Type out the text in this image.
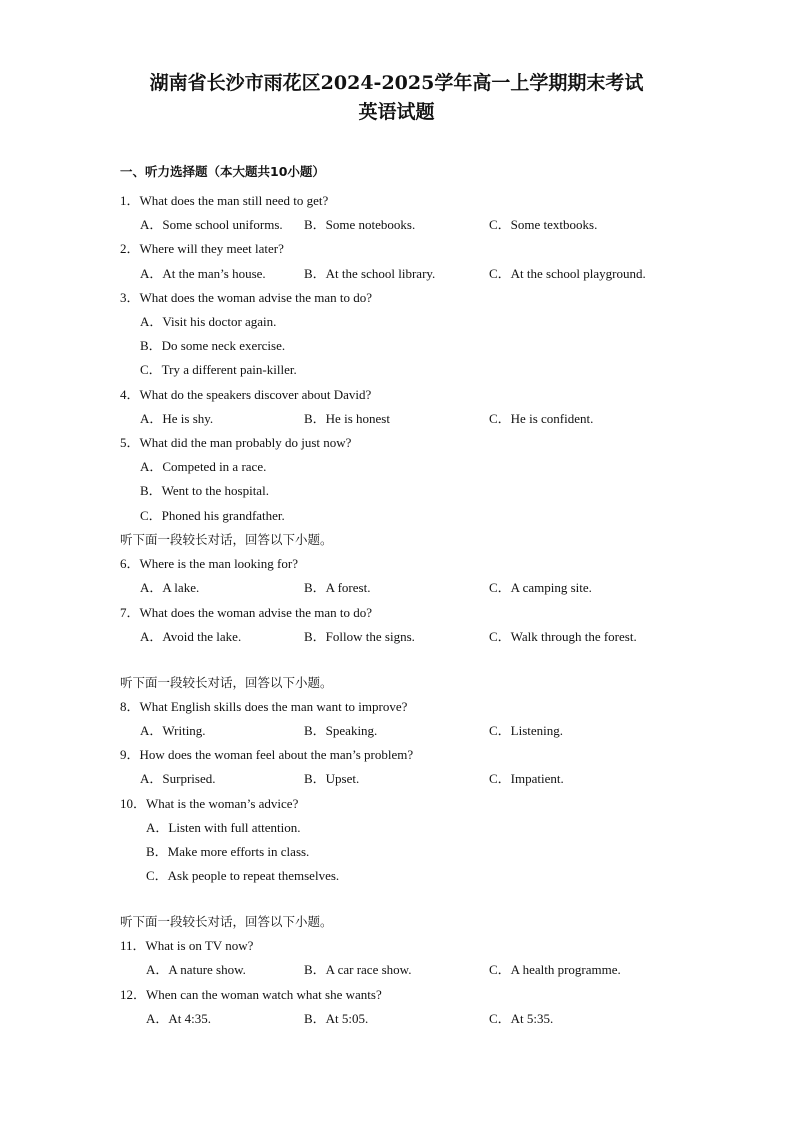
湖南省长沙市雨花区2024-2025学年高一上学期期末考试
英语试题
一、听力选择题（本大题共10小题）
1．What does the man still need to get?
A．Some school uniforms. B．Some notebooks.	C．Some textbooks.
2．Where will they meet later?
A．At the man’s house.	B．At the school library.	C．At the school playground.
3．What does the woman advise the man to do?
A．Visit his doctor again.
B．Do some neck exercise.
C．Try a different pain-killer.
4．What do the speakers discover about David?
A．He is shy.	B．He is honest	C．He is confident.
5．What did the man probably do just now?
A．Competed in a race.
B．Went to the hospital.
C．Phoned his grandfather.
听下面一段较长对话，回答以下小题。
6．Where is the man looking for?
A．A lake.	B．A forest.	C．A camping site.
7．What does the woman advise the man to do?
A．Avoid the lake.	B．Follow the signs.	C．Walk through the forest.
听下面一段较长对话，回答以下小题。
8．What English skills does the man want to improve?
A．Writing.	B．Speaking.	C．Listening.
9．How does the woman feel about the man’s problem?
A．Surprised.	B．Upset.	C．Impatient.
10．What is the woman’s advice?
A．Listen with full attention.
B．Make more efforts in class.
C．Ask people to repeat themselves.
听下面一段较长对话，回答以下小题。
11．What is on TV now?
A．A nature show.	B．A car race show.	C．A health programme.
12．When can the woman watch what she wants?
A．At 4:35.	B．At 5:05.	C．At 5:35.
